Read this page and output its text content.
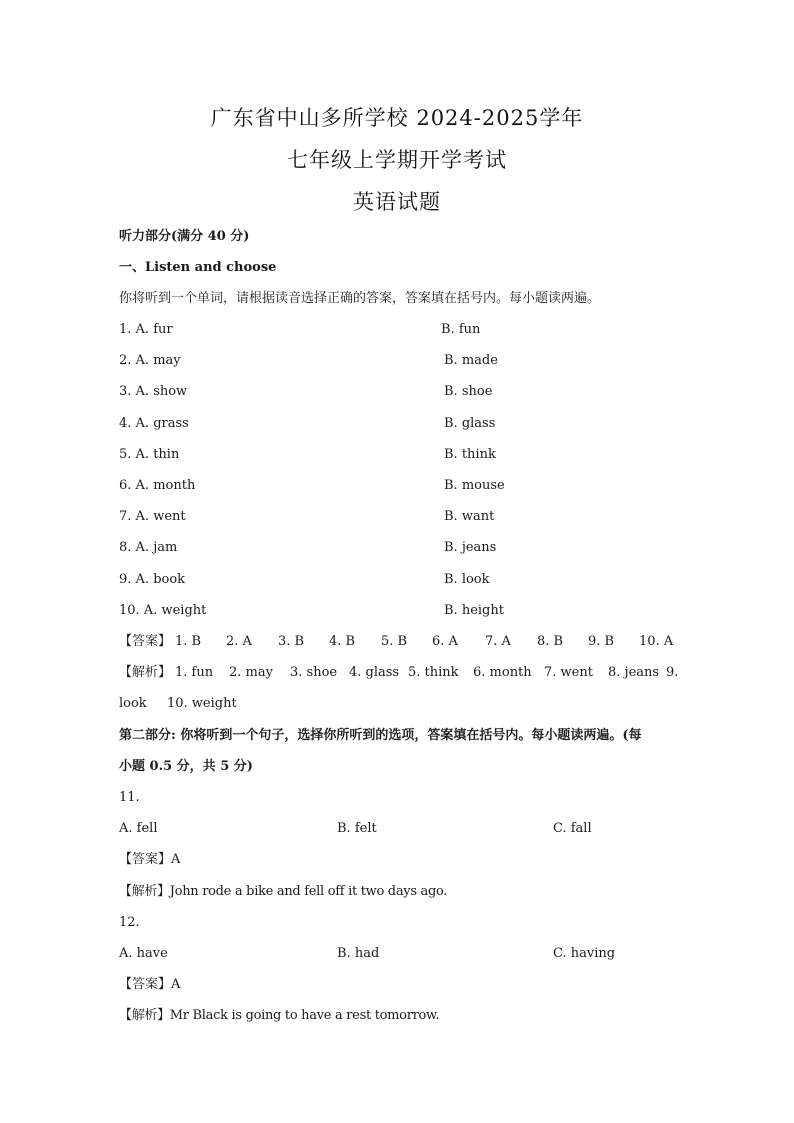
广东省中山多所学校 2024-2025学年
七年级上学期开学考试
英语试题
听力部分(满分 40 分)
一、Listen and choose
你将听到一个单词，请根据读音选择正确的答案，答案填在括号内。每小题读两遍。
1. A. fur	B. fun
2. A. may	B. made
3. A. show	B. shoe
4. A. grass	B. glass
5. A. thin	B. think
6. A. month	B. mouse
7. A. went	B. want
8. A. jam	B. jeans
9. A. book	B. look
10. A. weight	B. height
【答案】 1. B 2. A 3. B 4. B 5. B 6. A 7. A 8. B 9. B 10. A
【解析】 1. fun 2. may 3. shoe 4. glass 5. think 6. month 7. went 8. jeans 9.
look 10. weight
第二部分: 你将听到一个句子，选择你所听到的选项，答案填在括号内。每小题读两遍。(每
小题 0.5 分，共 5 分)
11.
A. fell	B. felt	C. fall
【答案】A
【解析】John rode a bike and fell off it two days ago.
12.
A. have	B. had	C. having
【答案】A
【解析】Mr Black is going to have a rest tomorrow.
